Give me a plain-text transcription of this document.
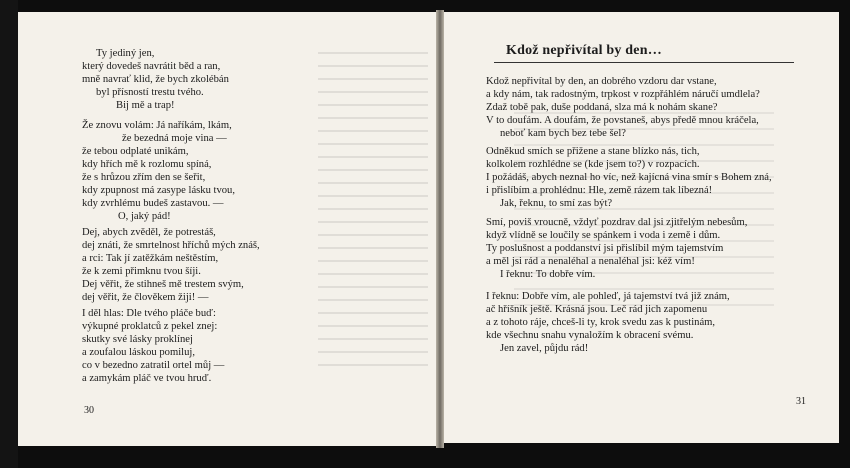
Ty jediný jen,
který dovedeš navrátit běd a ran,
mně navrať klid, že bych zkolébán
byl přísností trestu tvého.
Bij mě a trap!
Že znovu volám: Já naříkám, lkám,
že bezedná moje vina —
že tebou odplaté unikám,
kdy hřích mě k rozlomu spíná,
že s hrůzou zřím den se šeřit,
kdy zpupnost má zasype lásku tvou,
kdy zvrhlému budeš zastavou. —
O, jaký pád!
Dej, abych zvěděl, že potrestáš,
dej znáti, že smrtelnost hříchů mých znáš,
a rci: Tak jí zatěžkám neštěstím,
že k zemi přimknu tvou šíji.
Dej věřit, že stihneš mě trestem svým,
dej věřit, že člověkem žiji! —
I děl hlas: Dle tvého pláče buď:
výkupné proklatců z pekel znej:
skutky své lásky proklínej
a zoufalou láskou pomiluj,
co v bezedno zatratil ortel můj —
a zamykám pláč ve tvou hruď.
30
Kdož nepřivítal by den…
Kdož nepřivítal by den, an dobrého vzdoru dar vstane,
a kdy nám, tak radostným, trpkost v rozpřáhlém náručí umdlela?
Zdaž tobě pak, duše poddaná, slza má k nohám skane?
V to doufám. A doufám, že povstaneš, abys předě mnou kráčela,
neboť kam bych bez tebe šel?
Odněkud smích se přižene a stane blízko nás, tich,
kolkolem rozhlédne se (kde jsem to?) v rozpacích.
I požádáš, abych neznal ho víc, než kajícná vina smír s Bohem zná,
i přislíbím a prohlédnu: Hle, země rázem tak líbezná!
Jak, řeknu, to smí zas být?
Smí, poviš vroucně, vždyť pozdrav dal jsi zjitřelým nebesům,
když vlídně se loučily se spánkem i voda i země i dům.
Ty poslušnost a poddanství jsi přislíbil mým tajemstvím
a měl jsi rád a nenaléhal a nenaléhal jsi: kéž vím!
I řeknu: To dobře vím.
I řeknu: Dobře vím, ale pohleď, já tajemství tvá již znám,
ač hříšník ještě. Krásná jsou. Leč rád jich zapomenu
a z tohoto ráje, chceš-li ty, krok svedu zas k pustinám,
kde všechnu snahu vynaložím k obracení svému.
Jen zavel, půjdu rád!
31
